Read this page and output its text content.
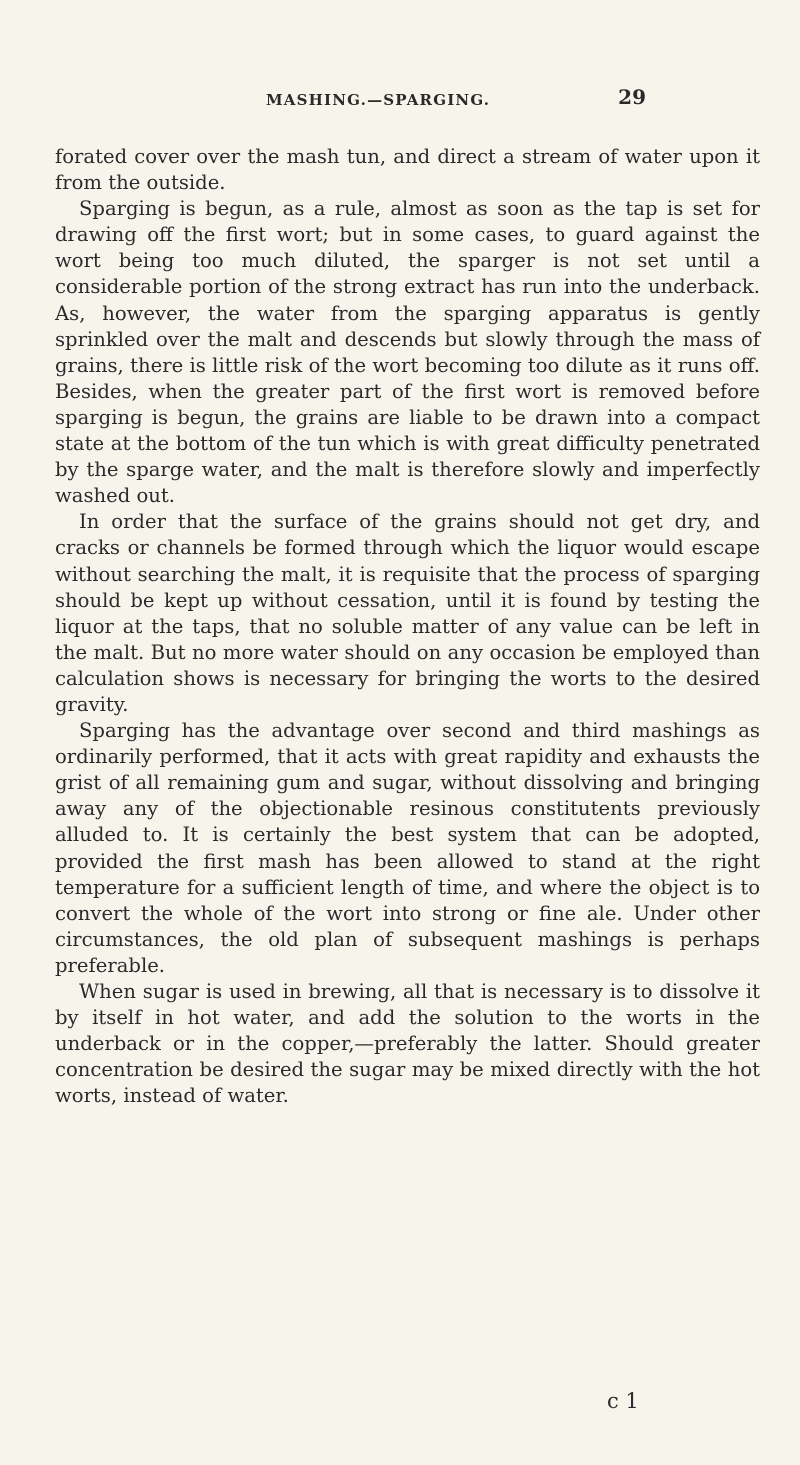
MASHING.—SPARGING.	29

forated cover over the mash tun, and direct a stream of water upon it from the outside.

Sparging is begun, as a rule, almost as soon as the tap is set for drawing off the first wort; but in some cases, to guard against the wort being too much diluted, the sparger is not set until a considerable portion of the strong extract has run into the underback. As, however, the water from the sparging apparatus is gently sprinkled over the malt and descends but slowly through the mass of grains, there is little risk of the wort becoming too dilute as it runs off. Besides, when the greater part of the first wort is removed before sparging is begun, the grains are liable to be drawn into a compact state at the bottom of the tun which is with great difficulty penetrated by the sparge water, and the malt is therefore slowly and imperfectly washed out.

In order that the surface of the grains should not get dry, and cracks or channels be formed through which the liquor would escape without searching the malt, it is requisite that the process of sparging should be kept up without cessation, until it is found by testing the liquor at the taps, that no soluble matter of any value can be left in the malt. But no more water should on any occasion be employed than calculation shows is necessary for bringing the worts to the desired gravity.

Sparging has the advantage over second and third mashings as ordinarily performed, that it acts with great rapidity and exhausts the grist of all remaining gum and sugar, without dissolving and bringing away any of the objectionable resinous constitutents previously alluded to. It is certainly the best system that can be adopted, provided the first mash has been allowed to stand at the right temperature for a sufficient length of time, and where the object is to convert the whole of the wort into strong or fine ale. Under other circumstances, the old plan of subsequent mashings is perhaps preferable.

When sugar is used in brewing, all that is necessary is to dissolve it by itself in hot water, and add the solution to the worts in the underback or in the copper,—preferably the latter. Should greater concentration be desired the sugar may be mixed directly with the hot worts, instead of water.

c 1
